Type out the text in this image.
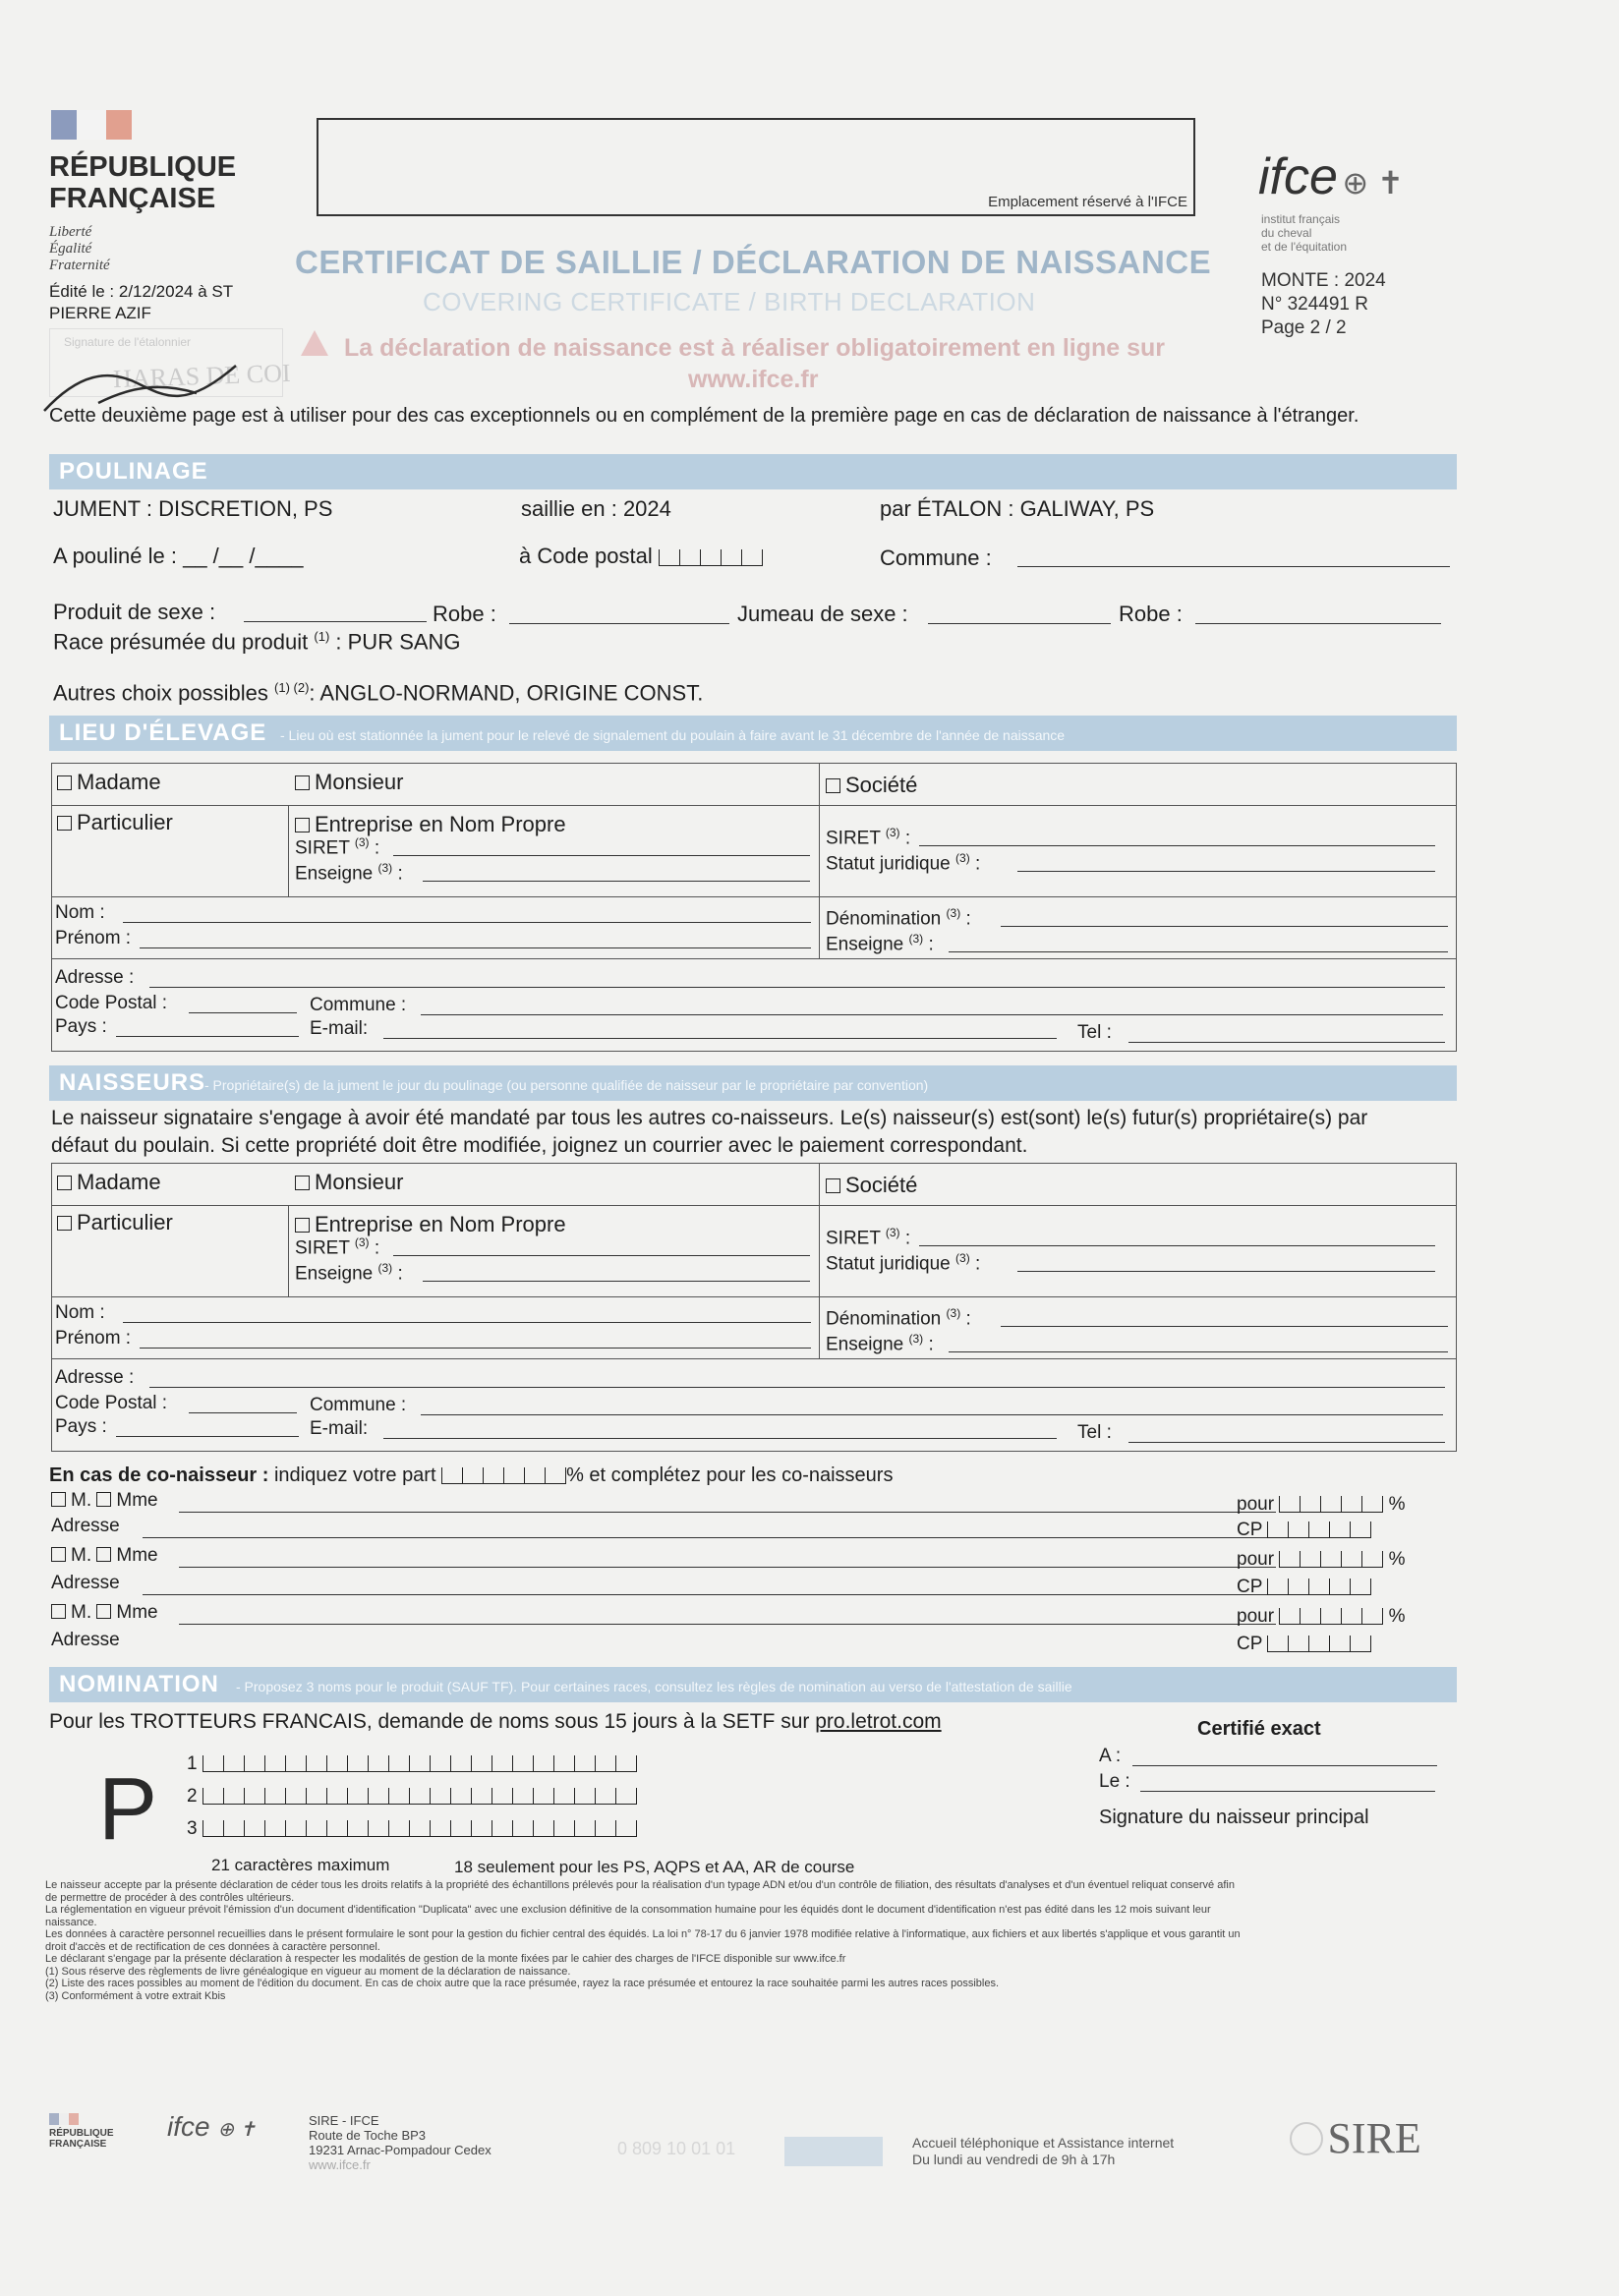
RÉPUBLIQUE
FRANÇAISE
Liberté
Égalité
Fraternité
Édité le : 2/12/2024 à ST
PIERRE AZIF
Emplacement réservé à l'IFCE
CERTIFICAT DE SAILLIE / DÉCLARATION DE NAISSANCE
COVERING CERTIFICATE / BIRTH DECLARATION
La déclaration de naissance est à réaliser obligatoirement en ligne sur
www.ifce.fr
Signature de l'étalonnier
HARAS DE COI
ifce ⊕ ✝
institut français
du cheval
et de l'équitation
MONTE : 2024
N° 324491 R
Page 2 / 2
Cette deuxième page est à utiliser pour des cas exceptionnels ou en complément de la première page en cas de déclaration de naissance à l'étranger.
POULINAGE
JUMENT : DISCRETION, PS	saillie en : 2024	par ÉTALON : GALIWAY, PS
A pouliné le : __ /__ /____	à Code postal	Commune :
Produit de sexe :	Robe :	Jumeau de sexe :	Robe :
Race présumée du produit $^{(1)}$ : PUR SANG
Autres choix possibles $^{(1) (2)}$: ANGLO-NORMAND, ORIGINE CONST.
LIEU D'ÉLEVAGE - Lieu où est stationnée la jument pour le relevé de signalement du poulain à faire avant le 31 décembre de l'année de naissance
Madame	Monsieur	Société
Particulier	Entreprise en Nom Propre
SIRET $^{(3)}$ :
Enseigne $^{(3)}$ :
SIRET $^{(3)}$ :
Statut juridique $^{(3)}$ :
Nom :
Prénom :
Dénomination $^{(3)}$ :
Enseigne $^{(3)}$ :
Adresse :
Code Postal :	Commune :
Pays :	E-mail:	Tel :
NAISSEURS
- Propriétaire(s) de la jument le jour du poulinage (ou personne qualifiée de naisseur par le propriétaire par convention)
Le naisseur signataire s'engage à avoir été mandaté par tous les autres co-naisseurs. Le(s) naisseur(s) est(sont) le(s) futur(s) propriétaire(s) par
défaut du poulain. Si cette propriété doit être modifiée, joignez un courrier avec le paiement correspondant.
Madame	Monsieur	Société
Particulier	Entreprise en Nom Propre
SIRET $^{(3)}$ :
Enseigne $^{(3)}$ :
SIRET $^{(3)}$ :
Statut juridique $^{(3)}$ :
Nom :
Prénom :
Dénomination $^{(3)}$ :
Enseigne $^{(3)}$ :
Adresse :
Code Postal :	Commune :
Pays :	E-mail:	Tel :
En cas de co-naisseur : indiquez votre part	% et complétez pour les co-naisseurs
M. Mme	pour	%
Adresse	CP
M. Mme	pour	%
Adresse	CP
M. Mme	pour	%
Adresse	CP
NOMINATION - Proposez 3 noms pour le produit (SAUF TF). Pour certaines races, consultez les règles de nomination au verso de l'attestation de saillie
Pour les TROTTEURS FRANCAIS, demande de noms sous 15 jours à la SETF sur pro.letrot.com
P 1
2
3
21 caractères maximum	18 seulement pour les PS, AQPS et AA, AR de course
Certifié exact
A :
Le :
Signature du naisseur principal
Le naisseur accepte par la présente déclaration de céder tous les droits relatifs à la propriété des échantillons prélevés pour la réalisation d'un typage ADN et/ou d'un contrôle de filiation, des résultats d'analyses et d'un éventuel reliquat conservé afin
de permettre de procéder à des contrôles ultérieurs.
La réglementation en vigueur prévoit l'émission d'un document d'identification "Duplicata" avec une exclusion définitive de la consommation humaine pour les équidés dont le document d'identification n'est pas édité dans les 12 mois suivant leur
naissance.
Les données à caractère personnel recueillies dans le présent formulaire le sont pour la gestion du fichier central des équidés. La loi n° 78-17 du 6 janvier 1978 modifiée relative à l'informatique, aux fichiers et aux libertés s'applique et vous garantit un
droit d'accès et de rectification de ces données à caractère personnel.
Le déclarant s'engage par la présente déclaration à respecter les modalités de gestion de la monte fixées par le cahier des charges de l'IFCE disponible sur www.ifce.fr
(1) Sous réserve des règlements de livre généalogique en vigueur au moment de la déclaration de naissance.
(2) Liste des races possibles au moment de l'édition du document. En cas de choix autre que la race présumée, rayez la race présumée et entourez la race souhaitée parmi les autres races possibles.
(3) Conformément à votre extrait Kbis
RÉPUBLIQUE
FRANÇAISE
ifce ⊕ ✝	SIRE - IFCE
Route de Toche BP3
19231 Arnac-Pompadour Cedex
www.ifce.fr
0 809 10 01 01	Accueil téléphonique et Assistance internet
Du lundi au vendredi de 9h à 17h	SIRE
